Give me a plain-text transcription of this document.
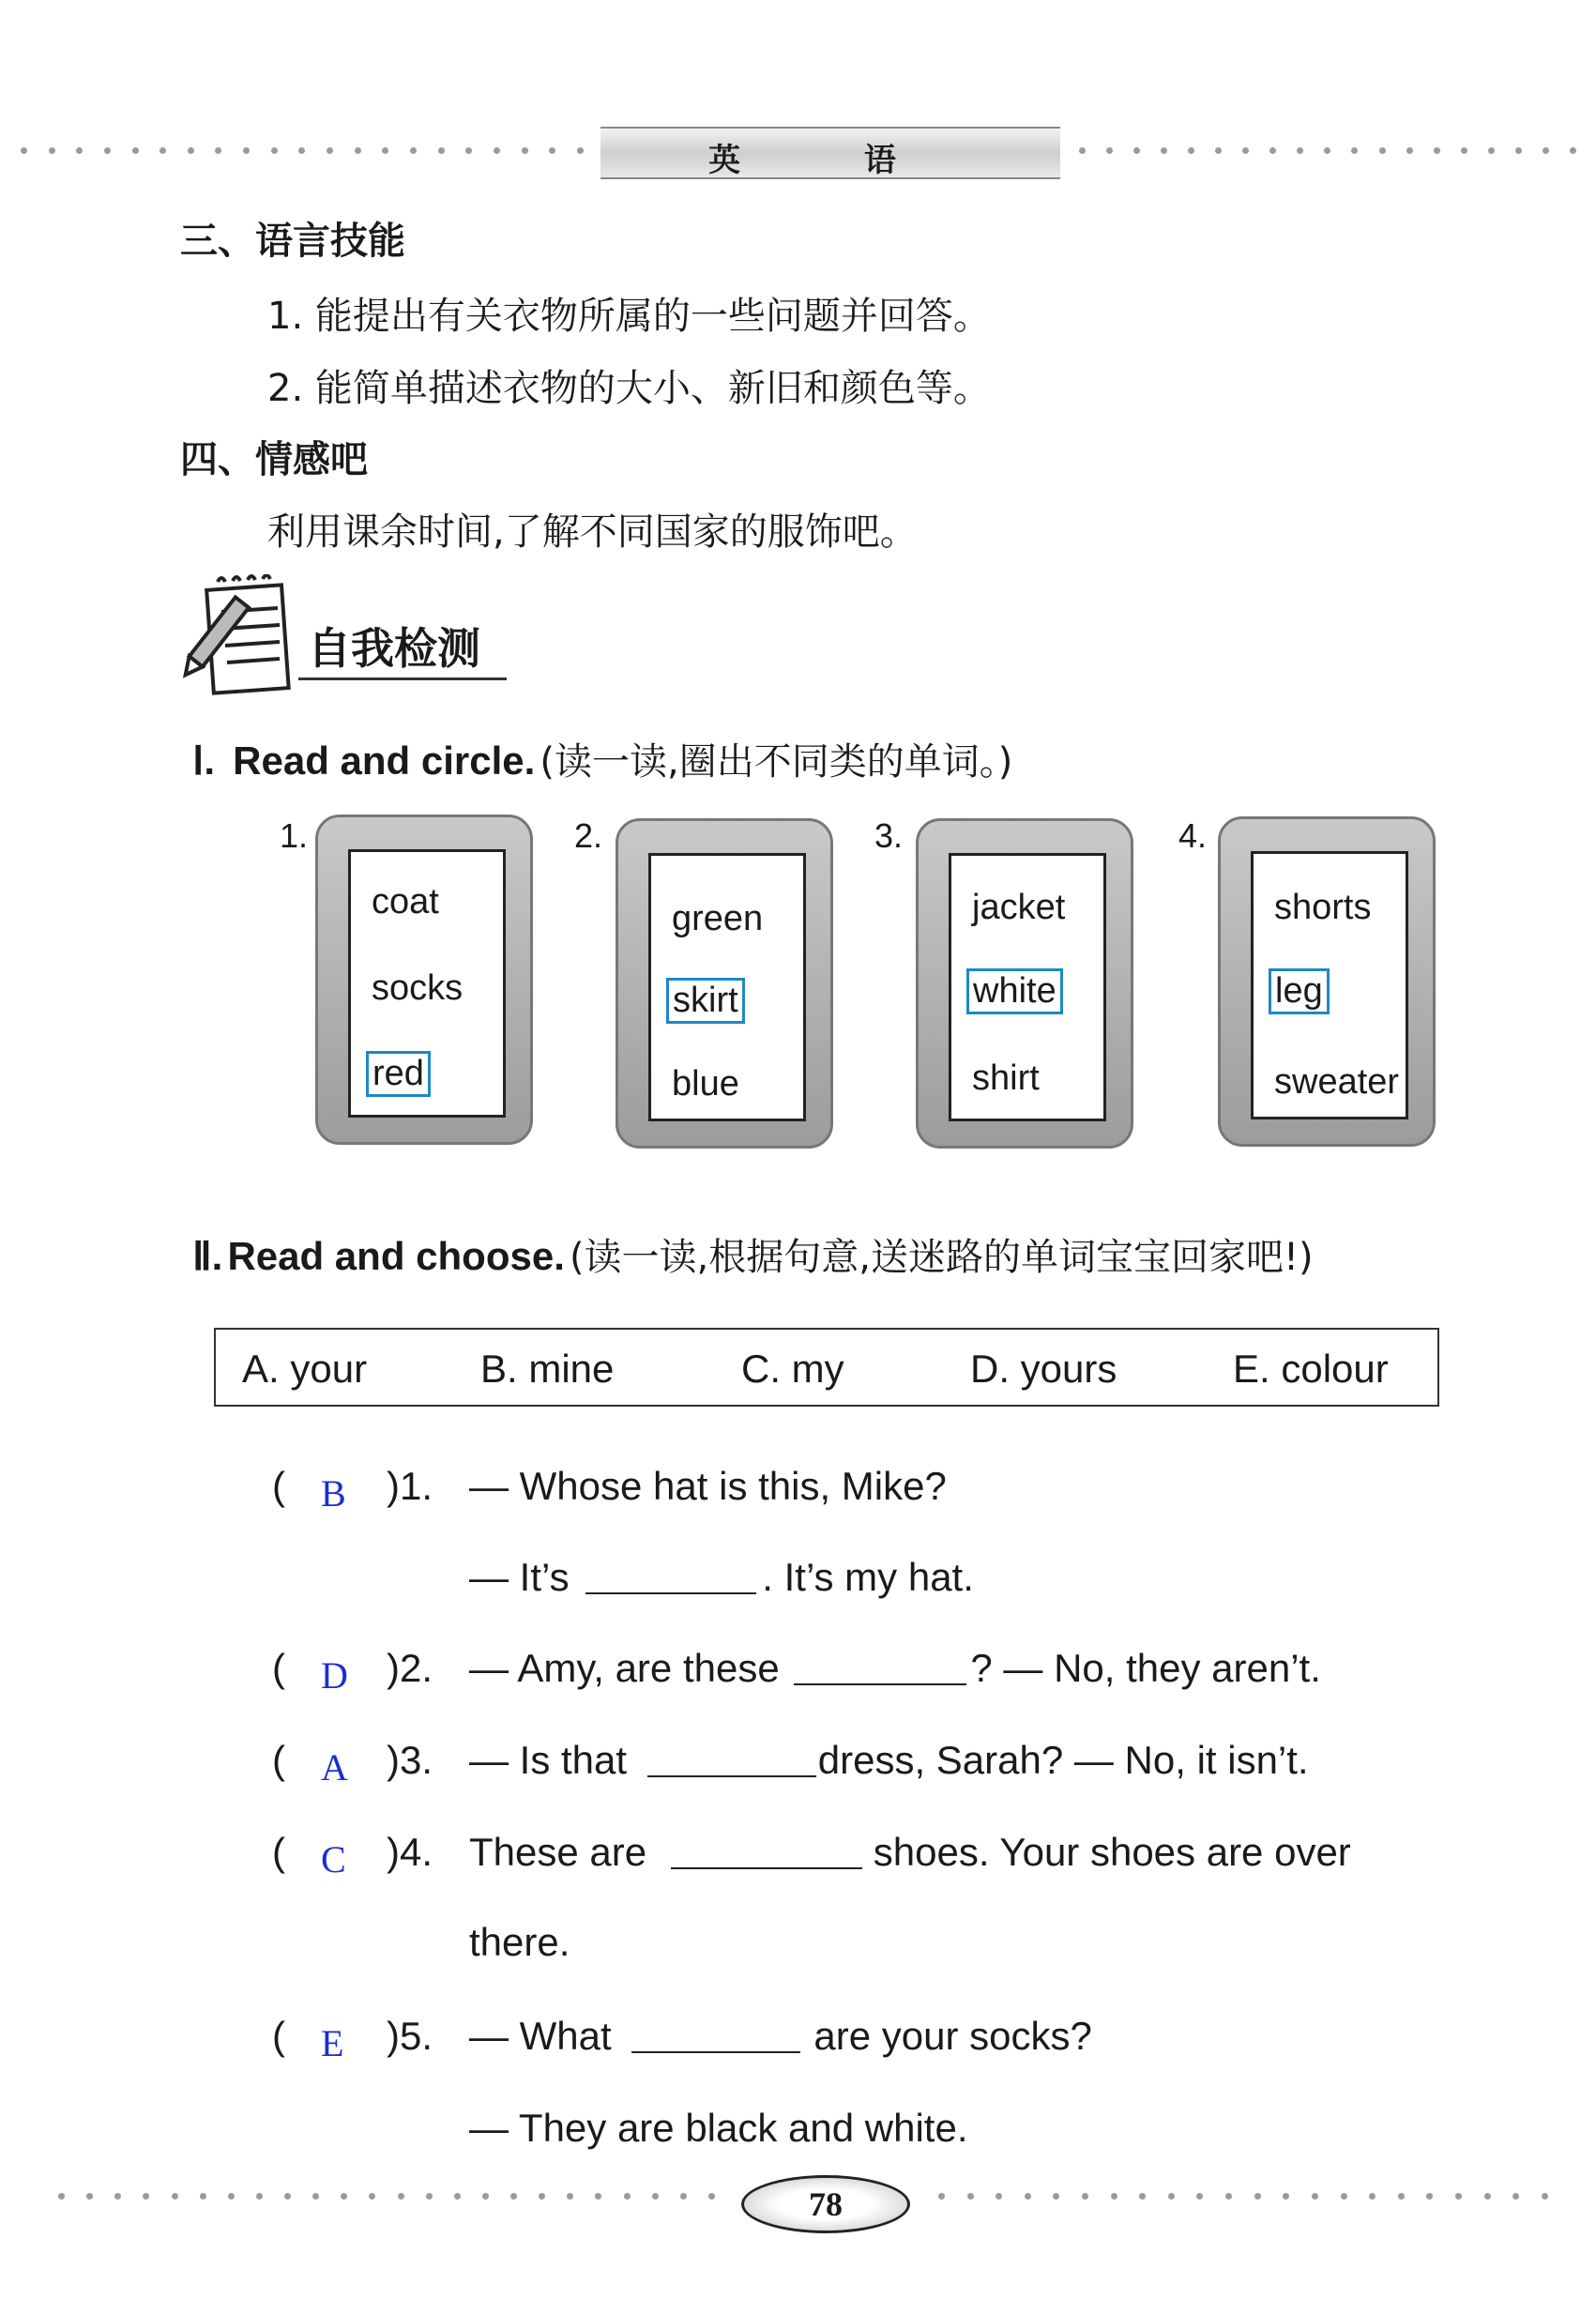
英 语
三、语言技能
1. 能提出有关衣物所属的一些问题并回答。
2. 能简单描述衣物的大小、新旧和颜色等。
四、情感吧
利用课余时间,了解不同国家的服饰吧。
自我检测
Ⅰ. Read and circle. (读一读,圈出不同类的单词。)
1.
coat
socks
red
2.
green
skirt
blue
3.
jacket
white
shirt
4.
shorts
leg
sweater
Ⅱ. Read and choose. (读一读,根据句意,送迷路的单词宝宝回家吧!)
A. your	B. mine	C. my	D. yours	E. colour
( B )1. — Whose hat is this, Mike?
— It’s	. It’s my hat.
( D )2. — Amy, are these	? — No, they aren’t.
( A )3. — Is that	dress, Sarah? — No, it isn’t.
( C )4. These are	shoes. Your shoes are over
there.
( E )5. — What	are your socks?
— They are black and white.
78
